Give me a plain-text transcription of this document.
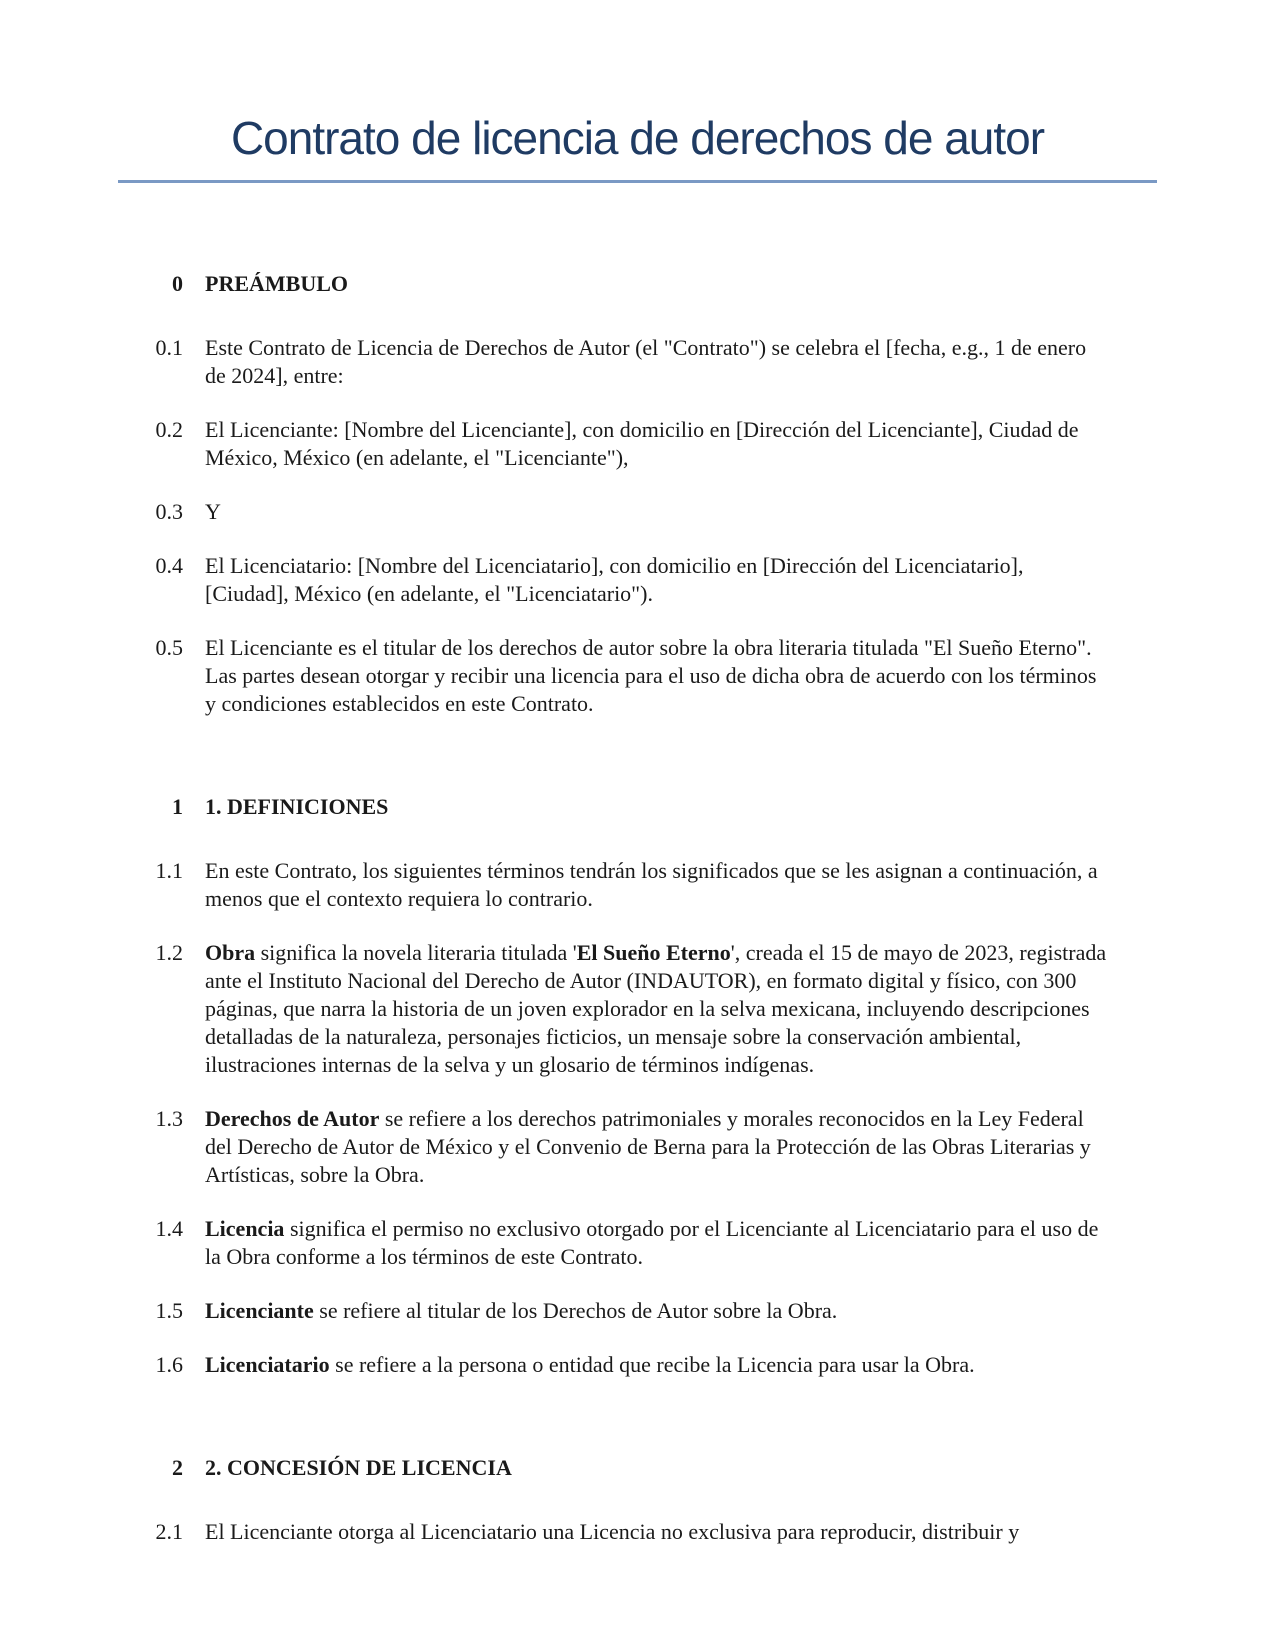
Contrato de licencia de derechos de autor
0 PREÁMBULO
0.1 Este Contrato de Licencia de Derechos de Autor (el "Contrato") se celebra el [fecha, e.g., 1 de enero de 2024], entre:
0.2 El Licenciante: [Nombre del Licenciante], con domicilio en [Dirección del Licenciante], Ciudad de México, México (en adelante, el "Licenciante"),
0.3 Y
0.4 El Licenciatario: [Nombre del Licenciatario], con domicilio en [Dirección del Licenciatario], [Ciudad], México (en adelante, el "Licenciatario").
0.5 El Licenciante es el titular de los derechos de autor sobre la obra literaria titulada "El Sueño Eterno". Las partes desean otorgar y recibir una licencia para el uso de dicha obra de acuerdo con los términos y condiciones establecidos en este Contrato.
1 1. DEFINICIONES
1.1 En este Contrato, los siguientes términos tendrán los significados que se les asignan a continuación, a menos que el contexto requiera lo contrario.
1.2 Obra significa la novela literaria titulada 'El Sueño Eterno', creada el 15 de mayo de 2023, registrada ante el Instituto Nacional del Derecho de Autor (INDAUTOR), en formato digital y físico, con 300 páginas, que narra la historia de un joven explorador en la selva mexicana, incluyendo descripciones detalladas de la naturaleza, personajes ficticios, un mensaje sobre la conservación ambiental, ilustraciones internas de la selva y un glosario de términos indígenas.
1.3 Derechos de Autor se refiere a los derechos patrimoniales y morales reconocidos en la Ley Federal del Derecho de Autor de México y el Convenio de Berna para la Protección de las Obras Literarias y Artísticas, sobre la Obra.
1.4 Licencia significa el permiso no exclusivo otorgado por el Licenciante al Licenciatario para el uso de la Obra conforme a los términos de este Contrato.
1.5 Licenciante se refiere al titular de los Derechos de Autor sobre la Obra.
1.6 Licenciatario se refiere a la persona o entidad que recibe la Licencia para usar la Obra.
2 2. CONCESIÓN DE LICENCIA
2.1 El Licenciante otorga al Licenciatario una Licencia no exclusiva para reproducir, distribuir y
